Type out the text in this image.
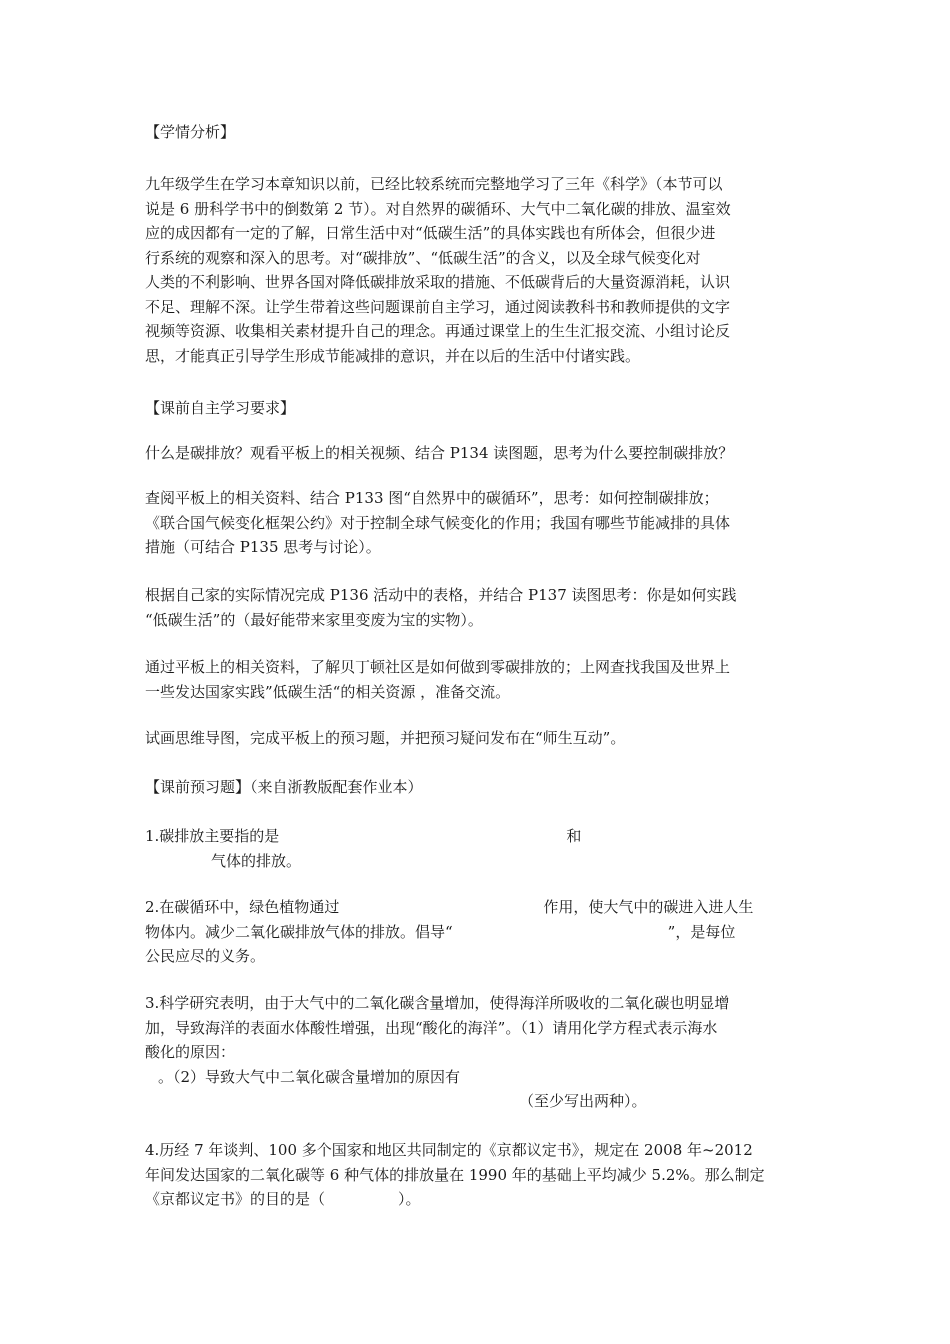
【学情分析】

九年级学生在学习本章知识以前，已经比较系统而完整地学习了三年《科学》（本节可以
说是 6 册科学书中的倒数第 2 节）。对自然界的碳循环、大气中二氧化碳的排放、温室效
应的成因都有一定的了解，日常生活中对“低碳生活”的具体实践也有所体会，但很少进
行系统的观察和深入的思考。对“碳排放”、“低碳生活”的含义，以及全球气候变化对
人类的不利影响、世界各国对降低碳排放采取的措施、不低碳背后的大量资源消耗，认识
不足、理解不深。让学生带着这些问题课前自主学习，通过阅读教科书和教师提供的文字
视频等资源、收集相关素材提升自己的理念。再通过课堂上的生生汇报交流、小组讨论反
思，才能真正引导学生形成节能减排的意识，并在以后的生活中付诸实践。

【课前自主学习要求】

什么是碳排放？观看平板上的相关视频、结合 P134 读图题，思考为什么要控制碳排放？
查阅平板上的相关资料、结合 P133 图“自然界中的碳循环”，思考：如何控制碳排放；
《联合国气候变化框架公约》对于控制全球气候变化的作用；我国有哪些节能减排的具体
措施（可结合 P135 思考与讨论）。
根据自己家的实际情况完成 P136 活动中的表格，并结合 P137 读图思考：你是如何实践
“低碳生活”的（最好能带来家里变废为宝的实物）。
通过平板上的相关资料，了解贝丁顿社区是如何做到零碳排放的；上网查找我国及世界上
一些发达国家实践”低碳生活“的相关资源 ，准备交流。
试画思维导图，完成平板上的预习题，并把预习疑问发布在“师生互动”。

【课前预习题】（来自浙教版配套作业本）

1.碳排放主要指的是	和
气体的排放。
2.在碳循环中，绿色植物通过	作用，使大气中的碳进入进人生
物体内。减少二氧化碳排放气体的排放。倡导“	”，是每位
公民应尽的义务。
3.科学研究表明，由于大气中的二氧化碳含量增加，使得海洋所吸收的二氧化碳也明显增
加，导致海洋的表面水体酸性增强，出现“酸化的海洋”。（1）请用化学方程式表示海水
酸化的原因：
。（2）导致大气中二氧化碳含量增加的原因有
（至少写出两种）。
4.历经 7 年谈判、100 多个国家和地区共同制定的《京都议定书》，规定在 2008 年~2012
年间发达国家的二氧化碳等 6 种气体的排放量在 1990 年的基础上平均减少 5.2%。那么制定
《京都议定书》的目的是（	）。
